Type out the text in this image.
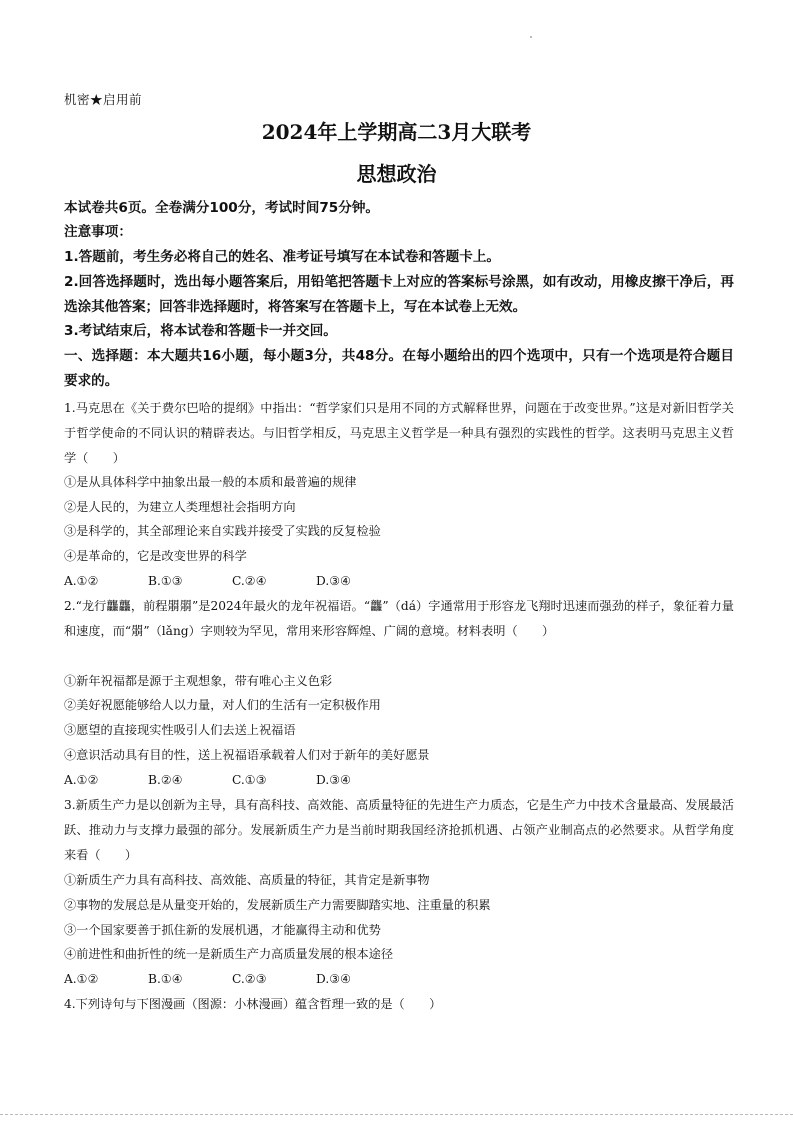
机密★启用前
2024年上学期高二3月大联考
思想政治
本试卷共6页。全卷满分100分，考试时间75分钟。
注意事项：
1.答题前，考生务必将自己的姓名、准考证号填写在本试卷和答题卡上。
2.回答选择题时，选出每小题答案后，用铅笔把答题卡上对应的答案标号涂黑，如有改动，用橡皮擦干净后，再选涂其他答案；回答非选择题时，将答案写在答题卡上，写在本试卷上无效。
3.考试结束后，将本试卷和答题卡一并交回。
一、选择题：本大题共16小题，每小题3分，共48分。在每小题给出的四个选项中，只有一个选项是符合题目要求的。
1.马克思在《关于费尔巴哈的提纲》中指出：“哲学家们只是用不同的方式解释世界，问题在于改变世界。”这是对新旧哲学关于哲学使命的不同认识的精辟表达。与旧哲学相反，马克思主义哲学是一种具有强烈的实践性的哲学。这表明马克思主义哲学（　　）
①是从具体科学中抽象出最一般的本质和最普遍的规律
②是人民的，为建立人类理想社会指明方向
③是科学的，其全部理论来自实践并接受了实践的反复检验
④是革命的，它是改变世界的科学
A.①②	B.①③	C.②④	D.③④
2.“龙行龘龘，前程朤朤”是2024年最火的龙年祝福语。“龘”（dá）字通常用于形容龙飞翔时迅速而强劲的样子，象征着力量和速度，而“朤”（lǎng）字则较为罕见，常用来形容辉煌、广阔的意境。材料表明（　　）
①新年祝福都是源于主观想象，带有唯心主义色彩
②美好祝愿能够给人以力量，对人们的生活有一定积极作用
③愿望的直接现实性吸引人们去送上祝福语
④意识活动具有目的性，送上祝福语承载着人们对于新年的美好愿景
A.①②	B.②④	C.①③	D.③④
3.新质生产力是以创新为主导，具有高科技、高效能、高质量特征的先进生产力质态，它是生产力中技术含量最高、发展最活跃、推动力与支撑力最强的部分。发展新质生产力是当前时期我国经济抢抓机遇、占领产业制高点的必然要求。从哲学角度来看（　　）
①新质生产力具有高科技、高效能、高质量的特征，其肯定是新事物
②事物的发展总是从量变开始的，发展新质生产力需要脚踏实地、注重量的积累
③一个国家要善于抓住新的发展机遇，才能赢得主动和优势
④前进性和曲折性的统一是新质生产力高质量发展的根本途径
A.①②	B.①④	C.②③	D.③④
4.下列诗句与下图漫画（图源：小林漫画）蕴含哲理一致的是（　　）
